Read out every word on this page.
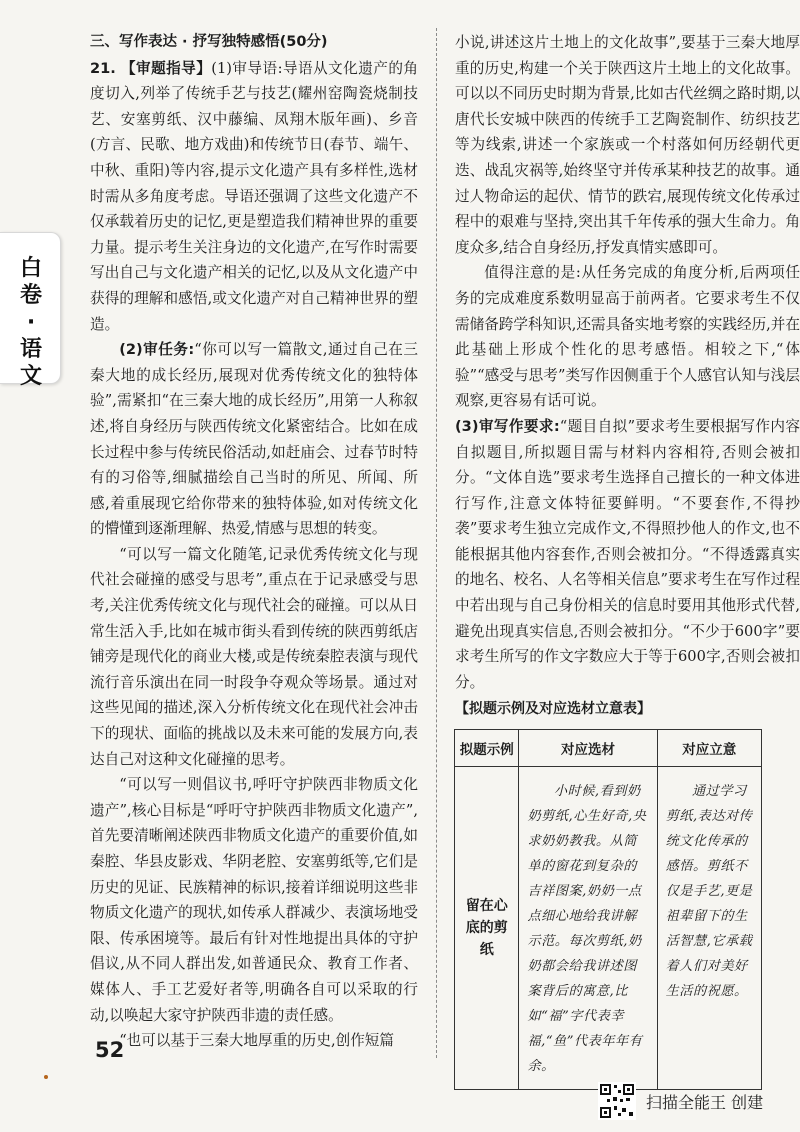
白卷 · 语文

三、写作表达 · 抒写独特感悟(50分)

21. 【审题指导】(1)审导语:导语从文化遗产的角度切入,列举了传统手艺与技艺(耀州窑陶瓷烧制技艺、安塞剪纸、汉中藤编、凤翔木版年画)、乡音(方言、民歌、地方戏曲)和传统节日(春节、端午、中秋、重阳)等内容,提示文化遗产具有多样性,选材时需从多角度考虑。导语还强调了这些文化遗产不仅承载着历史的记忆,更是塑造我们精神世界的重要力量。提示考生关注身边的文化遗产,在写作时需要写出自己与文化遗产相关的记忆,以及从文化遗产中获得的理解和感悟,或文化遗产对自己精神世界的塑造。

(2)审任务:“你可以写一篇散文,通过自己在三秦大地的成长经历,展现对优秀传统文化的独特体验”,需紧扣“在三秦大地的成长经历”,用第一人称叙述,将自身经历与陕西传统文化紧密结合。比如在成长过程中参与传统民俗活动,如赶庙会、过春节时特有的习俗等,细腻描绘自己当时的所见、所闻、所感,着重展现它给你带来的独特体验,如对传统文化的懵懂到逐渐理解、热爱,情感与思想的转变。

“可以写一篇文化随笔,记录优秀传统文化与现代社会碰撞的感受与思考”,重点在于记录感受与思考,关注优秀传统文化与现代社会的碰撞。可以从日常生活入手,比如在城市街头看到传统的陕西剪纸店铺旁是现代化的商业大楼,或是传统秦腔表演与现代流行音乐演出在同一时段争夺观众等场景。通过对这些见闻的描述,深入分析传统文化在现代社会冲击下的现状、面临的挑战以及未来可能的发展方向,表达自己对这种文化碰撞的思考。

“可以写一则倡议书,呼吁守护陕西非物质文化遗产”,核心目标是“呼吁守护陕西非物质文化遗产”,首先要清晰阐述陕西非物质文化遗产的重要价值,如秦腔、华县皮影戏、华阴老腔、安塞剪纸等,它们是历史的见证、民族精神的标识,接着详细说明这些非物质文化遗产的现状,如传承人群减少、表演场地受限、传承困境等。最后有针对性地提出具体的守护倡议,从不同人群出发,如普通民众、教育工作者、媒体人、手工艺爱好者等,明确各自可以采取的行动,以唤起大家守护陕西非遗的责任感。

“也可以基于三秦大地厚重的历史,创作短篇

小说,讲述这片土地上的文化故事”,要基于三秦大地厚重的历史,构建一个关于陕西这片土地上的文化故事。可以以不同历史时期为背景,比如古代丝绸之路时期,以唐代长安城中陕西的传统手工艺陶瓷制作、纺织技艺等为线索,讲述一个家族或一个村落如何历经朝代更迭、战乱灾祸等,始终坚守并传承某种技艺的故事。通过人物命运的起伏、情节的跌宕,展现传统文化传承过程中的艰难与坚持,突出其千年传承的强大生命力。角度众多,结合自身经历,抒发真情实感即可。

值得注意的是:从任务完成的角度分析,后两项任务的完成难度系数明显高于前两者。它要求考生不仅需储备跨学科知识,还需具备实地考察的实践经历,并在此基础上形成个性化的思考感悟。相较之下,“体验”“感受与思考”类写作因侧重于个人感官认知与浅层观察,更容易有话可说。

(3)审写作要求:“题目自拟”要求考生要根据写作内容自拟题目,所拟题目需与材料内容相符,否则会被扣分。“文体自选”要求考生选择自己擅长的一种文体进行写作,注意文体特征要鲜明。“不要套作,不得抄袭”要求考生独立完成作文,不得照抄他人的作文,也不能根据其他内容套作,否则会被扣分。“不得透露真实的地名、校名、人名等相关信息”要求考生在写作过程中若出现与自己身份相关的信息时要用其他形式代替,避免出现真实信息,否则会被扣分。“不少于600字”要求考生所写的作文字数应大于等于600字,否则会被扣分。

【拟题示例及对应选材立意表】

拟题示例	对应选材	对应立意
留在心底的剪纸	小时候,看到奶奶剪纸,心生好奇,央求奶奶教我。从简单的窗花到复杂的吉祥图案,奶奶一点点细心地给我讲解示范。每次剪纸,奶奶都会给我讲述图案背后的寓意,比如“福”字代表幸福,“鱼”代表年年有余。	通过学习剪纸,表达对传统文化传承的感悟。剪纸不仅是手艺,更是祖辈留下的生活智慧,它承载着人们对美好生活的祝愿。

52
扫描全能王 创建
